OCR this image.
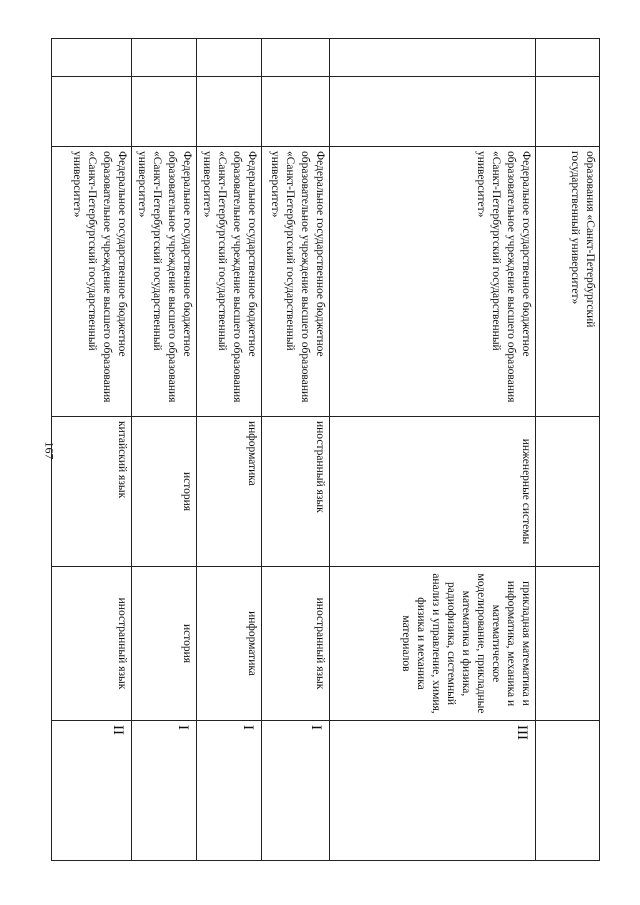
167
		образования «Санкт-Петербургский государственный университет»			
		Федеральное государственное бюджетное образовательное учреждение высшего образования «Санкт-Петербургский государственный университет»	инженерные системы	прикладная математика и информатика, механика и математическое моделирование, прикладные математика и физика, радиофизика, системный анализ и управление, химия, физика и механика материалов	III
		Федеральное государственное бюджетное образовательное учреждение высшего образования «Санкт-Петербургский государственный университет»	иностранный язык	иностранный язык	I
		Федеральное государственное бюджетное образовательное учреждение высшего образования «Санкт-Петербургский государственный университет»	информатика	информатика	I
		Федеральное государственное бюджетное образовательное учреждение высшего образования «Санкт-Петербургский государственный университет»	история	история	I
		Федеральное государственное бюджетное образовательное учреждение высшего образования «Санкт-Петербургский государственный университет»	китайский язык	иностранный язык	II
